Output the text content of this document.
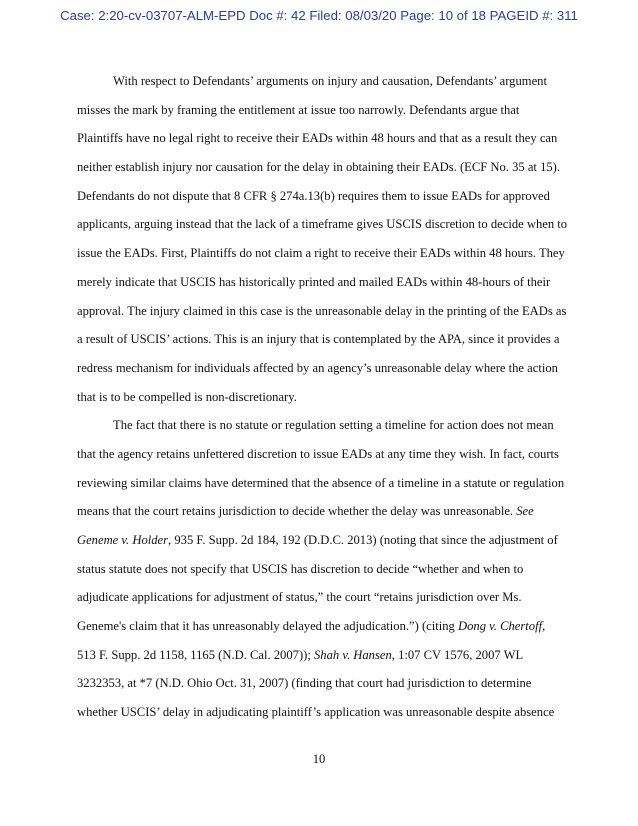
Case: 2:20-cv-03707-ALM-EPD Doc #: 42 Filed: 08/03/20 Page: 10 of 18 PAGEID #: 311
With respect to Defendants’ arguments on injury and causation, Defendants’ argument
misses the mark by framing the entitlement at issue too narrowly. Defendants argue that
Plaintiffs have no legal right to receive their EADs within 48 hours and that as a result they can
neither establish injury nor causation for the delay in obtaining their EADs. (ECF No. 35 at 15).
Defendants do not dispute that 8 CFR § 274a.13(b) requires them to issue EADs for approved
applicants, arguing instead that the lack of a timeframe gives USCIS discretion to decide when to
issue the EADs. First, Plaintiffs do not claim a right to receive their EADs within 48 hours. They
merely indicate that USCIS has historically printed and mailed EADs within 48-hours of their
approval. The injury claimed in this case is the unreasonable delay in the printing of the EADs as
a result of USCIS’ actions. This is an injury that is contemplated by the APA, since it provides a
redress mechanism for individuals affected by an agency’s unreasonable delay where the action
that is to be compelled is non-discretionary.
The fact that there is no statute or regulation setting a timeline for action does not mean
that the agency retains unfettered discretion to issue EADs at any time they wish. In fact, courts
reviewing similar claims have determined that the absence of a timeline in a statute or regulation
means that the court retains jurisdiction to decide whether the delay was unreasonable. See
Geneme v. Holder, 935 F. Supp. 2d 184, 192 (D.D.C. 2013) (noting that since the adjustment of
status statute does not specify that USCIS has discretion to decide “whether and when to
adjudicate applications for adjustment of status,” the court “retains jurisdiction over Ms.
Geneme's claim that it has unreasonably delayed the adjudication.”) (citing Dong v. Chertoff,
513 F. Supp. 2d 1158, 1165 (N.D. Cal. 2007)); Shah v. Hansen, 1:07 CV 1576, 2007 WL
3232353, at *7 (N.D. Ohio Oct. 31, 2007) (finding that court had jurisdiction to determine
whether USCIS’ delay in adjudicating plaintiff’s application was unreasonable despite absence
10
